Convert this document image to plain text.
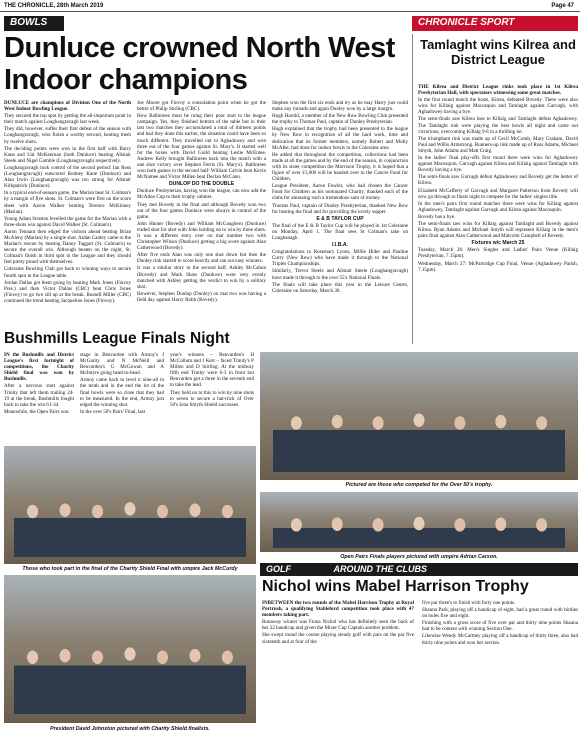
THE CHRONICLE, 28th March 2019	Page 47
BOWLS	CHRONICLE SPORT
Dunluce crowned North West Indoor champions
Tamlaght wins Kilrea and District League

DUNLUCE are champions of Division One of the North West Indoor Bowling League.

They secured the top spot by getting the all-important point in their match against Loughangravagh last week.

They did, however, suffer their first defeat of the season with Loughangravagh, who finish a worthy second, beating them by twelve shots.

The deciding points were won in the first half with Barry Kane and Ual McKeernan (both Dunluce) beating Alistair Steele and Nigel Gamble (Loughangravagh) respectively.

Loughangravagh took control of the second period: Ian Ross (Loughangravagh) outscored Rodney Kane (Dunluce) and Alan Irwin (Loughangravagh) was too strong for Alistair Kirkpatrick (Dunluce).

In a typical end-of-season game, the Marian beat St. Colman's by a margin of five shots. St. Colman's were first on the score sheet with Aaron Walker beating Terence McKinney (Marian).

Young Adam Stratton levelled the game for the Marian with a three-shots win against David Walker (St. Colman's).

Aaron Tennant then edged the visitors ahead beating Brian McAleny (Marian) by a single shot. Aidan Canley came to the Marian's rescue by beating Danny Taggart (St. Colman's) to secure the overall win. Although beaten on the night, St. Colman's finish in third spot in the League and they should feel pretty proud with themselves.

Coleraine Bowling Club got back to winning ways to secure fourth spot in the League table.

Jordan Dallas got them going by beating Mark Jones (Finvoy Pres.) and then Victor Dallas (CBC) beat Chris Jones (Finvoy) to go two sill up at the break. Russell Miller (CBC) continued the trend beating Jacqueline Jones (Finvoy).

Joe Moore got Finvoy a consolation point when he got the better of Philip Stirling (CBC).

How Ballinrees must be ruing their poor start to the league campaign. Yes, they finished bottom of the table but in their last two matches they accumulated a total of thirteen points and had they done this earlier, the situation could have been so much different. They travelled out to Aghadowey and won three out of the four games against St. Mary's. It started well for the boxes with David Guild beating Leslie McEntee. Andrew Kelly brought Ballinrees back into the match with a one shot victory over Stephen Ferris (St. Mary's). Ballinrees won both games in the second half: William Calvin beat Kevin McNamee and Victor Millen beat Declan McCann.

DUNLOP DO THE DOUBLE

Dunluce Presbyterian, having won the league, can now add the McAdoo Cup to their trophy cabinet.

They met Bovedy in the final and although Bovedy won two out of the four games Dunluce were always in control of the game.

John Hunter (Bovedy) and William McGaughern (Dunluce) traded shot for shot with John holding on to win by three shots. It was a different story over on mat number two with Christopher Wilson (Dunluce) getting a big score against Alan Catherwood (Bovedy).

After five ends Alan was only one shot down but then the Dunley rink started to score heavily and ran out easy winners.

It was a similar story in the second half. Ashley McCahon (Bovedy) and Mark Shaw (Dunluce) were very evenly matched with Ashley getting the verdict to win by a solitary shot.

However, Stephen Dunlop (Dunley) on mat two was having a field day against Harry Robb (Bovedy).

Stephen won the first six ends and try as he may Harry just could make any inroads and again Dunley won by a large margin.

Hugh Harold, a member of the New Row Bowling Club presented the trophy to Thomas Paul, captain of Dunley Presbyterian.

Hugh explained that the trophy had been presented to the league by New Row in recognition of all the hard work, time and dedication that its former members, namely Robert and Molly McAfee, had done for indoor bowls in the Coleraine area.

He added that throughout the competition, collections had been made at all the games and by the end of the season, in conjunction with its sister competition the Morrison Trophy, it is hoped that a figure of over £1,000 will be handed over to the Cancer Fund for Children.

League President, Aaron Fowler, who had chosen the Cancer Fund for Children as his nominated Charity, thanked each of the clubs for amassing such a tremendous sum of money.

Thomas Paul, captain of Dunley Presbyterian, thanked New Row for hosting the final and for providing the lovely supper.

E & B TAYLOR CUP

The final of the E & B Taylor Cup will be played in 1st Coleraine on Monday, April 1. The final sees St Colman's take on Loughanagh.

I.I.B.A.

Congratulations to Rosemary Lyons, Millie Hider and Pauline Curry (New Row) who have made it through to the National Triples Championships.

Similarly, Trevor Steele and Alistair Steele (Loughangravagh) have made it through to the over 55's National Finals.

The finals will take place this year in the Leisure Centre, Coleraine on Saturday, March 30.

THE Kilrea and District League rinks took place in 1st Kilrea Presbyterian Hall, with spectators witnessing some great matches.

In the first round match the hosts, Kilrea, defeated Bovedy. There were also wins for Killaig against Macosquin and Tamlaght against Garvagh, with Aghadowey having a bye.

The semi-finals saw Kilrea lose to Killaig and Tamlaght defeat Aghadowey. The Tamlaght rink were playing the best bowls all night and came out victorious, overcoming Killaig 9-8 in a thrilling tie.

The triumphant rink was made up of Cecil McComb, Mary Graham, David Paul and Willis Armstrong. Runners-up rink made up of Ross Adams, Michael Smyth, John Adams and Matt Craig.

In the ladies' final play-offs first round there were wins for Aghadowey against Macosquin, Garvagh against Kilrea and Killaig against Tamlaght with Bovedy having a bye.

The semi-finals saw Garvagh defeat Aghadowey and Bovedy get the better of Kilrea.

Elizabeth McCafferty of Garvagh and Margaret Patterson from Bovedy will now go through to finals night to compete for the ladies' singles title.

In the men's pairs first round matches there were wins for Killaig against Aghadowey, Tamlaght against Garvagh and Kilrea against Macosquin.

Bovedy has a bye.

The semi-finals saw wins for Killaig against Tamlaght and Bovedy against Kilrea. Ryan Adams and Michael Smyth will represent Killaig in the men's pairs final against Alan Catherwood and Malcolm Campbell of Bovedy.

Fixtures w/c March 25

Tuesday, March 26: Men's Singles and Ladies' Pairs Venue (Killaig Presbyterian, 7.15pm).

Wednesday, March 27: McPartridge Cup Final, Venue (Aghadowey Parish, 7.15pm).

Bushmills League Finals Night

IN the Bushmills and District League's first fortnight of competitions, the Charity Shield final was won by Bushmills.

After a nervous start against Trinity that left them trailing 24-19 at the break, Bushmills fought back to take the win 61-34.

Meanwhile, the Open Pairs was

stage in Benvarden with Armoy's J McGarity and N McNeill and Benvarden's G McGowan and A McIntyre going head-to-head.

Armoy came back to level it nine-all in the tenth and in the end the lot of the final bowls were so close that they had to be measured. In the end, Armoy just edged the winning shot.

In the over 50's Pairs' Final, last

year's winners – Benvarden's H McCollum and J Kerr – faced Trinity's P Millen and D Stirling. At the midway fifth end Trinity were 6-3 in front but Benvarden got a three in the seventh end to take the lead.

They held on to this to win by nine shots to seven to secure a hat-trick of Over 50's Iona Smyth Shield successes.

Pictured are those who competed for the Over 50's trophy.
Those who took part in the final of the Charity Shield Final with umpire Jack McCurdy
Open Pairs Finals players pictured with umpire Adrian Carson.
President David Johnston pictured with Charity Shield finalists.
GOLF	AROUND THE CLUBS
Nichol wins Mabel Harrison Trophy

INBETWEEN the two rounds of the Mabel Harrison Trophy at Royal Portrush, a qualifying Stableford competition took place with 47 members taking part.

Runaway winner was Fiona Nichol who has definitely seen the back of her 22 handicap and given the Mixer Cup Captain another problem.

She swept round the course playing steady golf with pars on the par five sixteenth and at four of the

five par three's to finish with forty one points.

Shauna Park, playing off a handicap of eight, had a great round with birdies on holes five and eight.

Finishing with a gross score of five over par and thirty nine points Shauna had to be content with winning Section One.

Likewise Wendy McCartney playing off a handicap of thirty three, also had thirty nine points and won her section.
